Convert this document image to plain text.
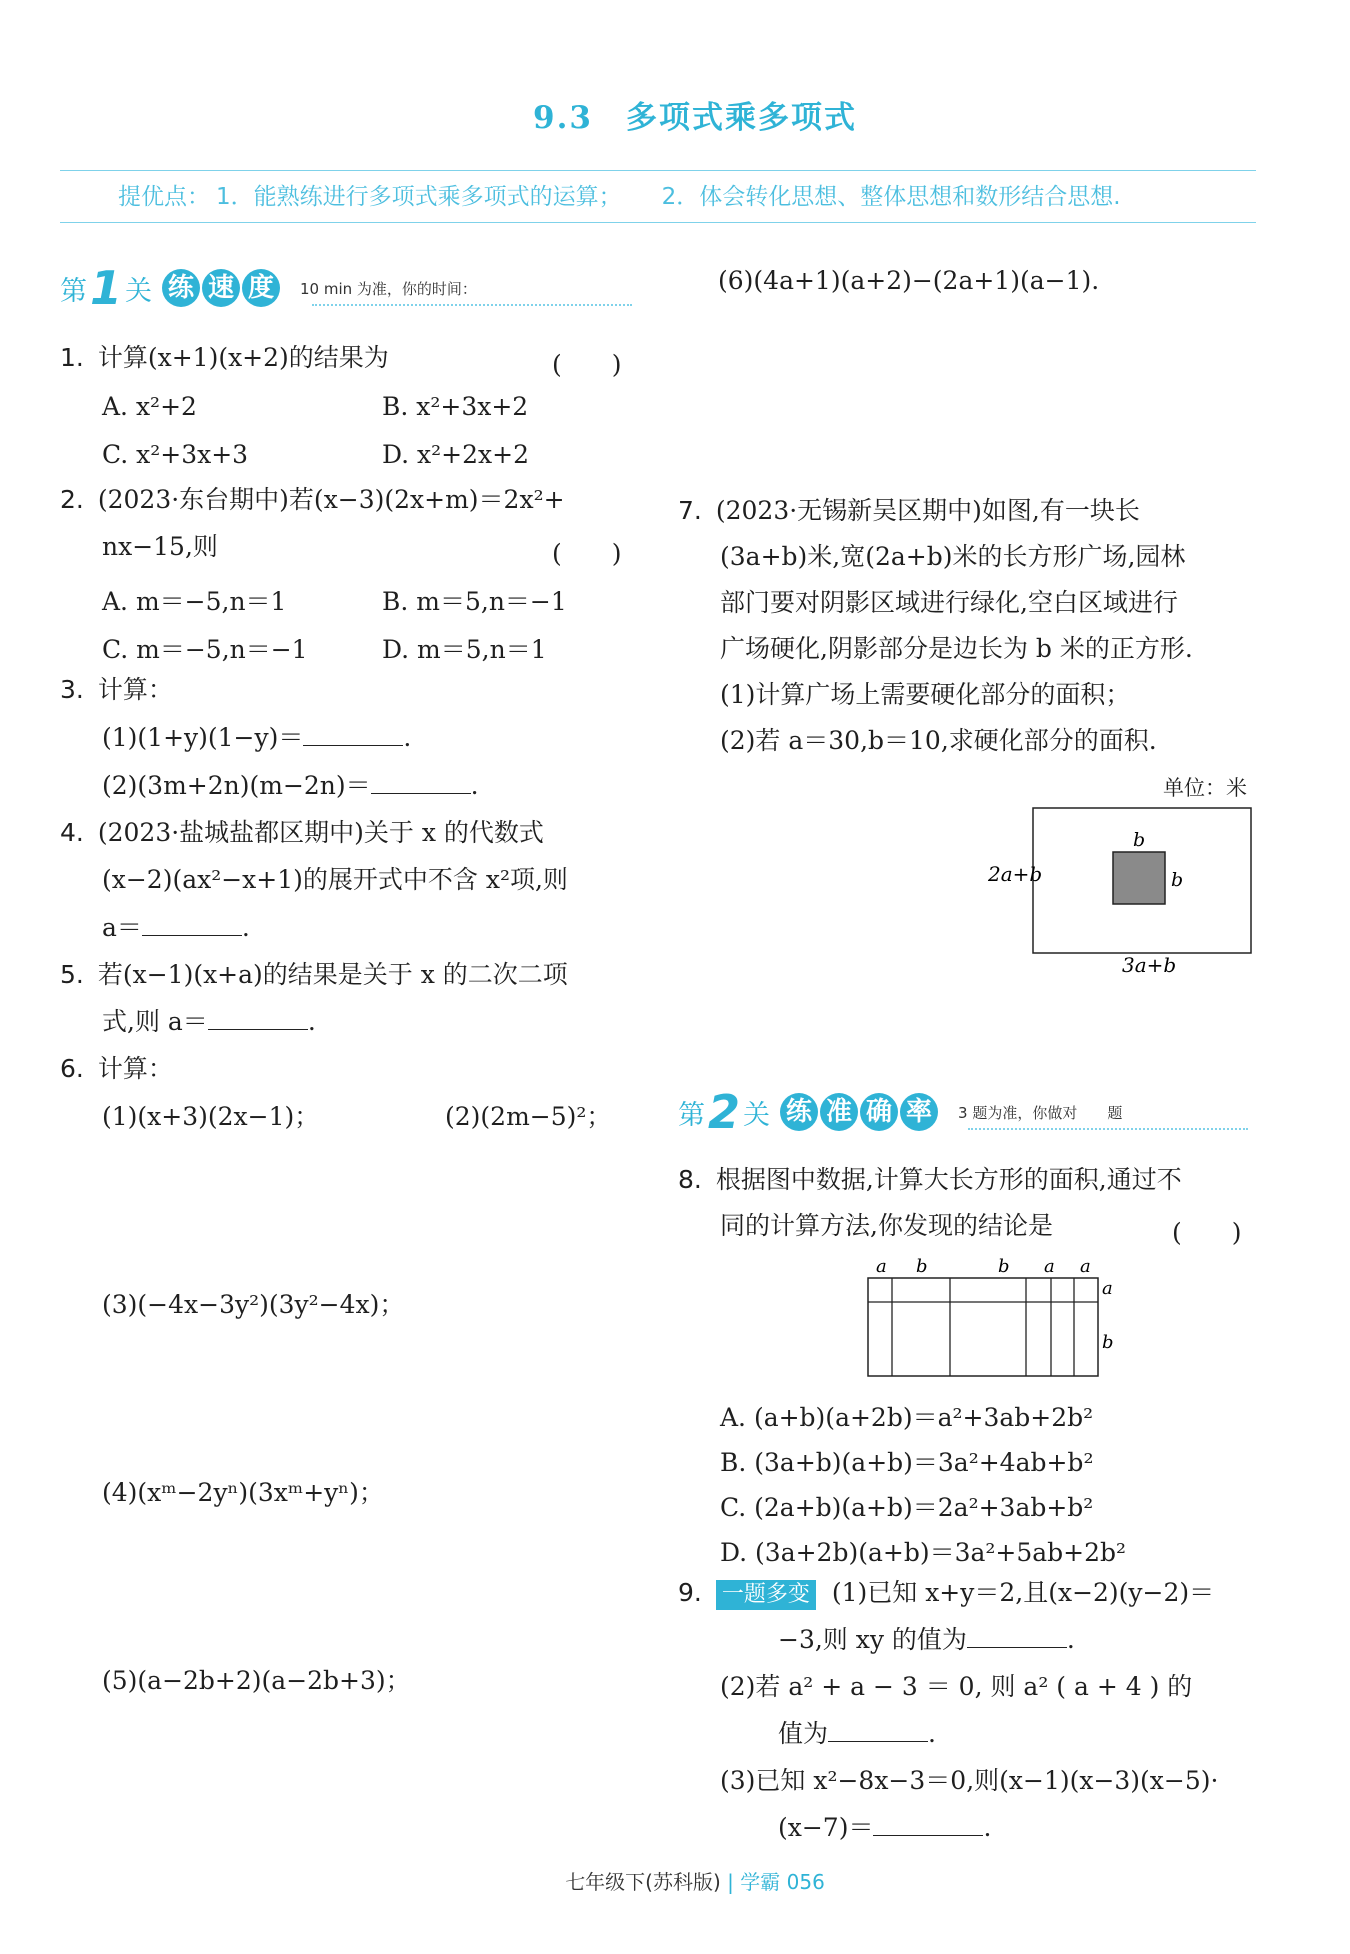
9.3　多项式乘多项式
提优点： 1．能熟练进行多项式乘多项式的运算； 2．体会转化思想、整体思想和数形结合思想.
第 1 关 练 速 度	10 min 为准，你的时间：
1. 计算(x+1)(x+2)的结果为	(　　)
A. x²+2	B. x²+3x+2
C. x²+3x+3	D. x²+2x+2
2. (2023·东台期中)若(x−3)(2x+m)＝2x²+
nx−15,则	(　　)
A. m＝−5,n＝1	B. m＝5,n＝−1
C. m＝−5,n＝−1	D. m＝5,n＝1
3. 计算：
(1)(1+y)(1−y)＝	.
(2)(3m+2n)(m−2n)＝	.
4. (2023·盐城盐都区期中)关于 x 的代数式
(x−2)(ax²−x+1)的展开式中不含 x²项,则
a＝	.
5. 若(x−1)(x+a)的结果是关于 x 的二次二项
式,则 a＝	.
6. 计算：
(1)(x+3)(2x−1)；	(2)(2m−5)²；
(3)(−4x−3y²)(3y²−4x)；
(4)(xᵐ−2yⁿ)(3xᵐ+yⁿ)；
(5)(a−2b+2)(a−2b+3)；
(6)(4a+1)(a+2)−(2a+1)(a−1).
7. (2023·无锡新吴区期中)如图,有一块长
(3a+b)米,宽(2a+b)米的长方形广场,园林
部门要对阴影区域进行绿化,空白区域进行
广场硬化,阴影部分是边长为 b 米的正方形.
(1)计算广场上需要硬化部分的面积；
(2)若 a＝30,b＝10,求硬化部分的面积.
单位：米
2a+b
3a+b
b
b
第 2 关 练 准 确 率	3 题为准，你做对　　题
8. 根据图中数据,计算大长方形的面积,通过不
同的计算方法,你发现的结论是	(　　)
a b	b a a
a
b
A. (a+b)(a+2b)＝a²+3ab+2b²
B. (3a+b)(a+b)＝3a²+4ab+b²
C. (2a+b)(a+b)＝2a²+3ab+b²
D. (3a+2b)(a+b)＝3a²+5ab+2b²
9. 一题多变 (1)已知 x+y＝2,且(x−2)(y−2)＝
−3,则 xy 的值为	.
(2)若 a² + a − 3 ＝ 0, 则 a² ( a + 4 ) 的
值为	.
(3)已知 x²−8x−3＝0,则(x−1)(x−3)(x−5)·
(x−7)＝	.
七年级下(苏科版) | 学霸 056
